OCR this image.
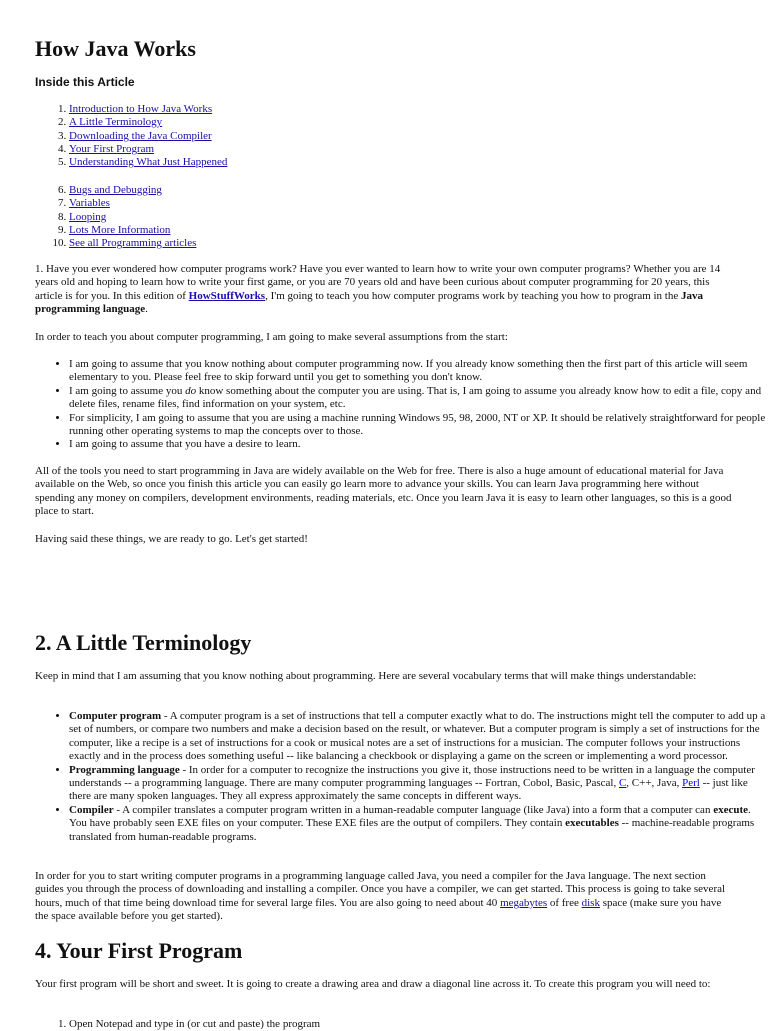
How Java Works
Inside this Article
1. Introduction to How Java Works
2. A Little Terminology
3. Downloading the Java Compiler
4. Your First Program
5. Understanding What Just Happened
6. Bugs and Debugging
7. Variables
8. Looping
9. Lots More Information
10. See all Programming articles

1. Have you ever wondered how computer programs work? Have you ever wanted to learn how to write your own computer programs? Whether you are 14 years old and hoping to learn how to write your first game, or you are 70 years old and have been curious about computer programming for 20 years, this article is for you. In this edition of HowStuffWorks, I'm going to teach you how computer programs work by teaching you how to program in the Java programming language.

In order to teach you about computer programming, I am going to make several assumptions from the start:

• I am going to assume that you know nothing about computer programming now. If you already know something then the first part of this article will seem elementary to you. Please feel free to skip forward until you get to something you don't know.
• I am going to assume you do know something about the computer you are using. That is, I am going to assume you already know how to edit a file, copy and delete files, rename files, find information on your system, etc.
• For simplicity, I am going to assume that you are using a machine running Windows 95, 98, 2000, NT or XP. It should be relatively straightforward for people running other operating systems to map the concepts over to those.
• I am going to assume that you have a desire to learn.

All of the tools you need to start programming in Java are widely available on the Web for free. There is also a huge amount of educational material for Java available on the Web, so once you finish this article you can easily go learn more to advance your skills. You can learn Java programming here without spending any money on compilers, development environments, reading materials, etc. Once you learn Java it is easy to learn other languages, so this is a good place to start.

Having said these things, we are ready to go. Let's get started!

2. A Little Terminology

Keep in mind that I am assuming that you know nothing about programming. Here are several vocabulary terms that will make things understandable:

• Computer program - A computer program is a set of instructions that tell a computer exactly what to do. The instructions might tell the computer to add up a set of numbers, or compare two numbers and make a decision based on the result, or whatever. But a computer program is simply a set of instructions for the computer, like a recipe is a set of instructions for a cook or musical notes are a set of instructions for a musician. The computer follows your instructions exactly and in the process does something useful -- like balancing a checkbook or displaying a game on the screen or implementing a word processor.
• Programming language - In order for a computer to recognize the instructions you give it, those instructions need to be written in a language the computer understands -- a programming language. There are many computer programming languages -- Fortran, Cobol, Basic, Pascal, C, C++, Java, Perl -- just like there are many spoken languages. They all express approximately the same concepts in different ways.
• Compiler - A compiler translates a computer program written in a human-readable computer language (like Java) into a form that a computer can execute. You have probably seen EXE files on your computer. These EXE files are the output of compilers. They contain executables -- machine-readable programs translated from human-readable programs.

In order for you to start writing computer programs in a programming language called Java, you need a compiler for the Java language. The next section guides you through the process of downloading and installing a compiler. Once you have a compiler, we can get started. This process is going to take several hours, much of that time being download time for several large files. You are also going to need about 40 megabytes of free disk space (make sure you have the space available before you get started).

4. Your First Program

Your first program will be short and sweet. It is going to create a drawing area and draw a diagonal line across it. To create this program you will need to:

1. Open Notepad and type in (or cut and paste) the program
